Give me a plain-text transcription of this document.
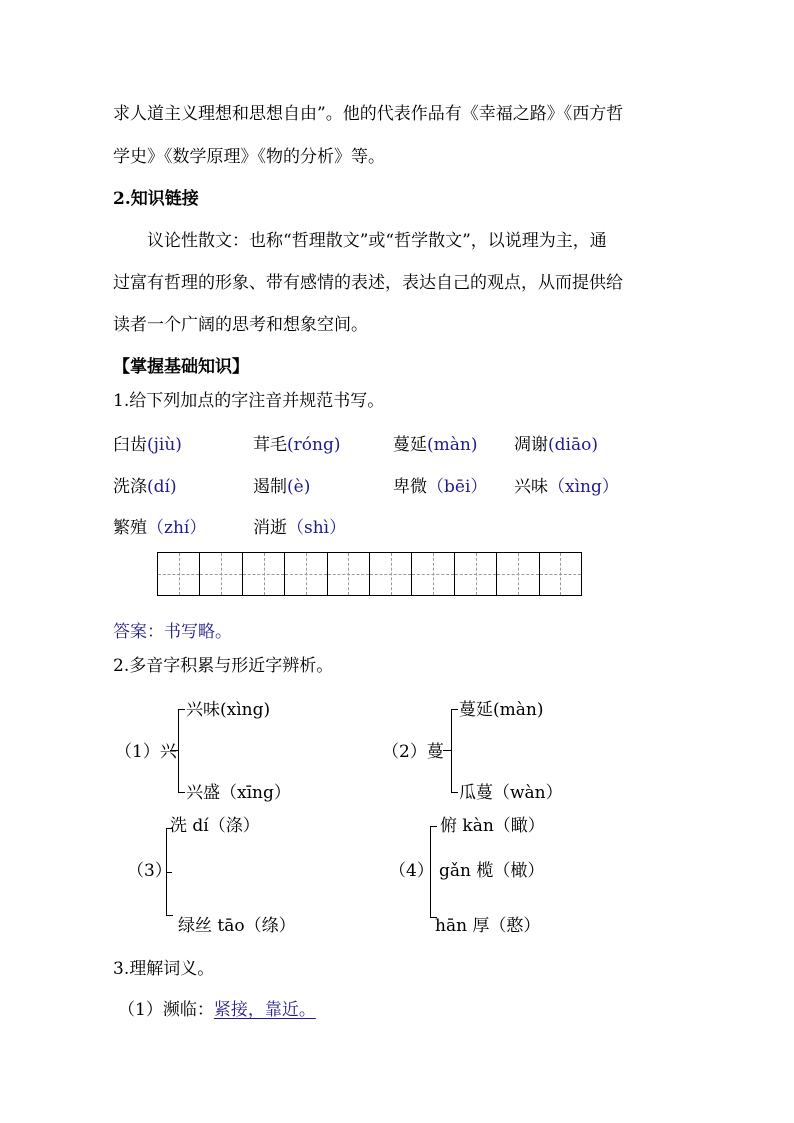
求人道主义理想和思想自由”。他的代表作品有《幸福之路》《西方哲
学史》《数学原理》《物的分析》等。
2.知识链接
议论性散文：也称“哲理散文”或“哲学散文”，以说理为主，通
过富有哲理的形象、带有感情的表述，表达自己的观点，从而提供给
读者一个广阔的思考和想象空间。
【掌握基础知识】
1.给下列加点的字注音并规范书写。
臼齿(jiù)	茸毛(róng)	蔓延(màn) 凋谢(diāo)
洗涤(dí)	遏制(è)	卑微（bēi） 兴味（xìng）
繁殖（zhí）	消逝（shì）
答案：书写略。
2.多音字积累与形近字辨析。
（1）兴
兴味(xìng)
兴盛（xīng）
（2）蔓
蔓延(màn)
瓜蔓（wàn）
（3）
洗 dí（涤）
绿丝 tāo（绦）
（4）
俯 kàn（瞰）
gǎn 榄（橄）
hān 厚（憨）
3.理解词义。
（1）濒临：紧接，靠近。
